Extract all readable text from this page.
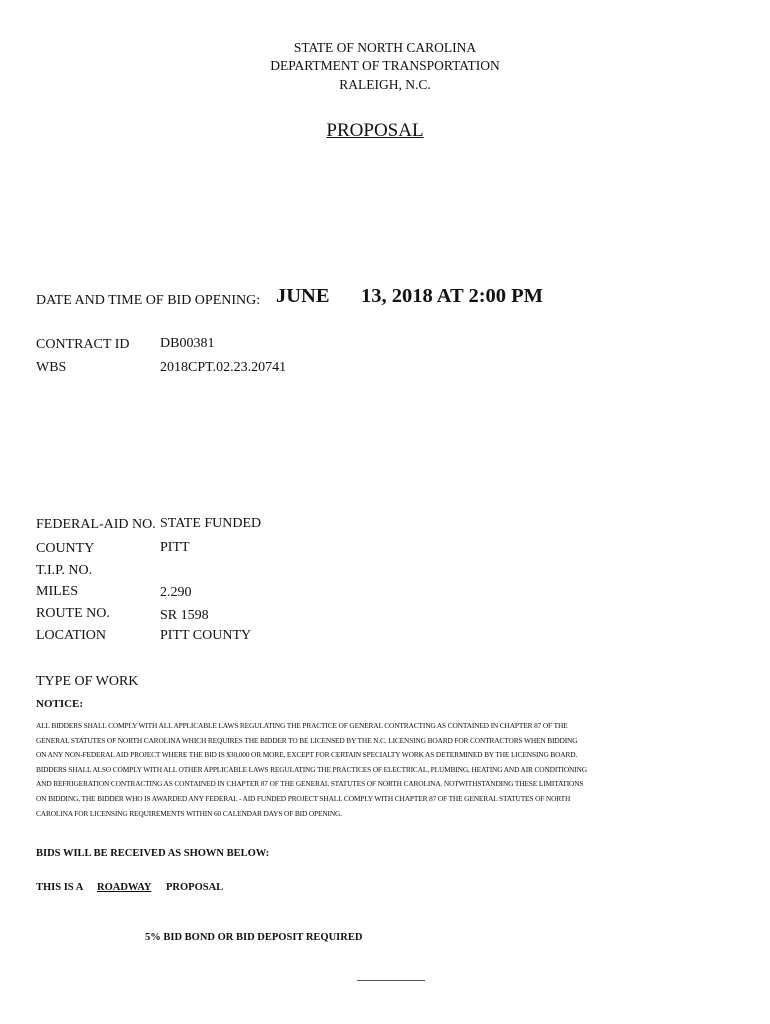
STATE OF NORTH CAROLINA
DEPARTMENT OF TRANSPORTATION
RALEIGH, N.C.
PROPOSAL
DATE AND TIME OF BID OPENING: JUNE 13, 2018 AT 2:00 PM
CONTRACT ID DB00381
WBS	2018CPT.02.23.20741
FEDERAL-AID NO. STATE FUNDED
COUNTY	PITT
T.I.P. NO.
MILES	2.290
ROUTE NO.	SR 1598
LOCATION	PITT COUNTY
TYPE OF WORK
NOTICE:
ALL BIDDERS SHALL COMPLY WITH ALL APPLICABLE LAWS REGULATING THE PRACTICE OF GENERAL CONTRACTING AS CONTAINED IN CHAPTER 87 OF THE
GENERAL STATUTES OF NORTH CAROLINA WHICH REQUIRES THE BIDDER TO BE LICENSED BY THE N.C. LICENSING BOARD FOR CONTRACTORS WHEN BIDDING
ON ANY NON-FEDERAL AID PROJECT WHERE THE BID IS $30,000 OR MORE, EXCEPT FOR CERTAIN SPECIALTY WORK AS DETERMINED BY THE LICENSING BOARD.
BIDDERS SHALL ALSO COMPLY WITH ALL OTHER APPLICABLE LAWS REGULATING THE PRACTICES OF ELECTRICAL, PLUMBING, HEATING AND AIR CONDITIONING
AND REFRIGERATION CONTRACTING AS CONTAINED IN CHAPTER 87 OF THE GENERAL STATUTES OF NORTH CAROLINA. NOTWITHSTANDING THESE LIMITATIONS
ON BIDDING, THE BIDDER WHO IS AWARDED ANY FEDERAL - AID FUNDED PROJECT SHALL COMPLY WITH CHAPTER 87 OF THE GENERAL STATUTES OF NORTH
CAROLINA FOR LICENSING REQUIREMENTS WITHIN 60 CALENDAR DAYS OF BID OPENING.
BIDS WILL BE RECEIVED AS SHOWN BELOW:
THIS IS A ROADWAY PROPOSAL
5% BID BOND OR BID DEPOSIT REQUIRED
